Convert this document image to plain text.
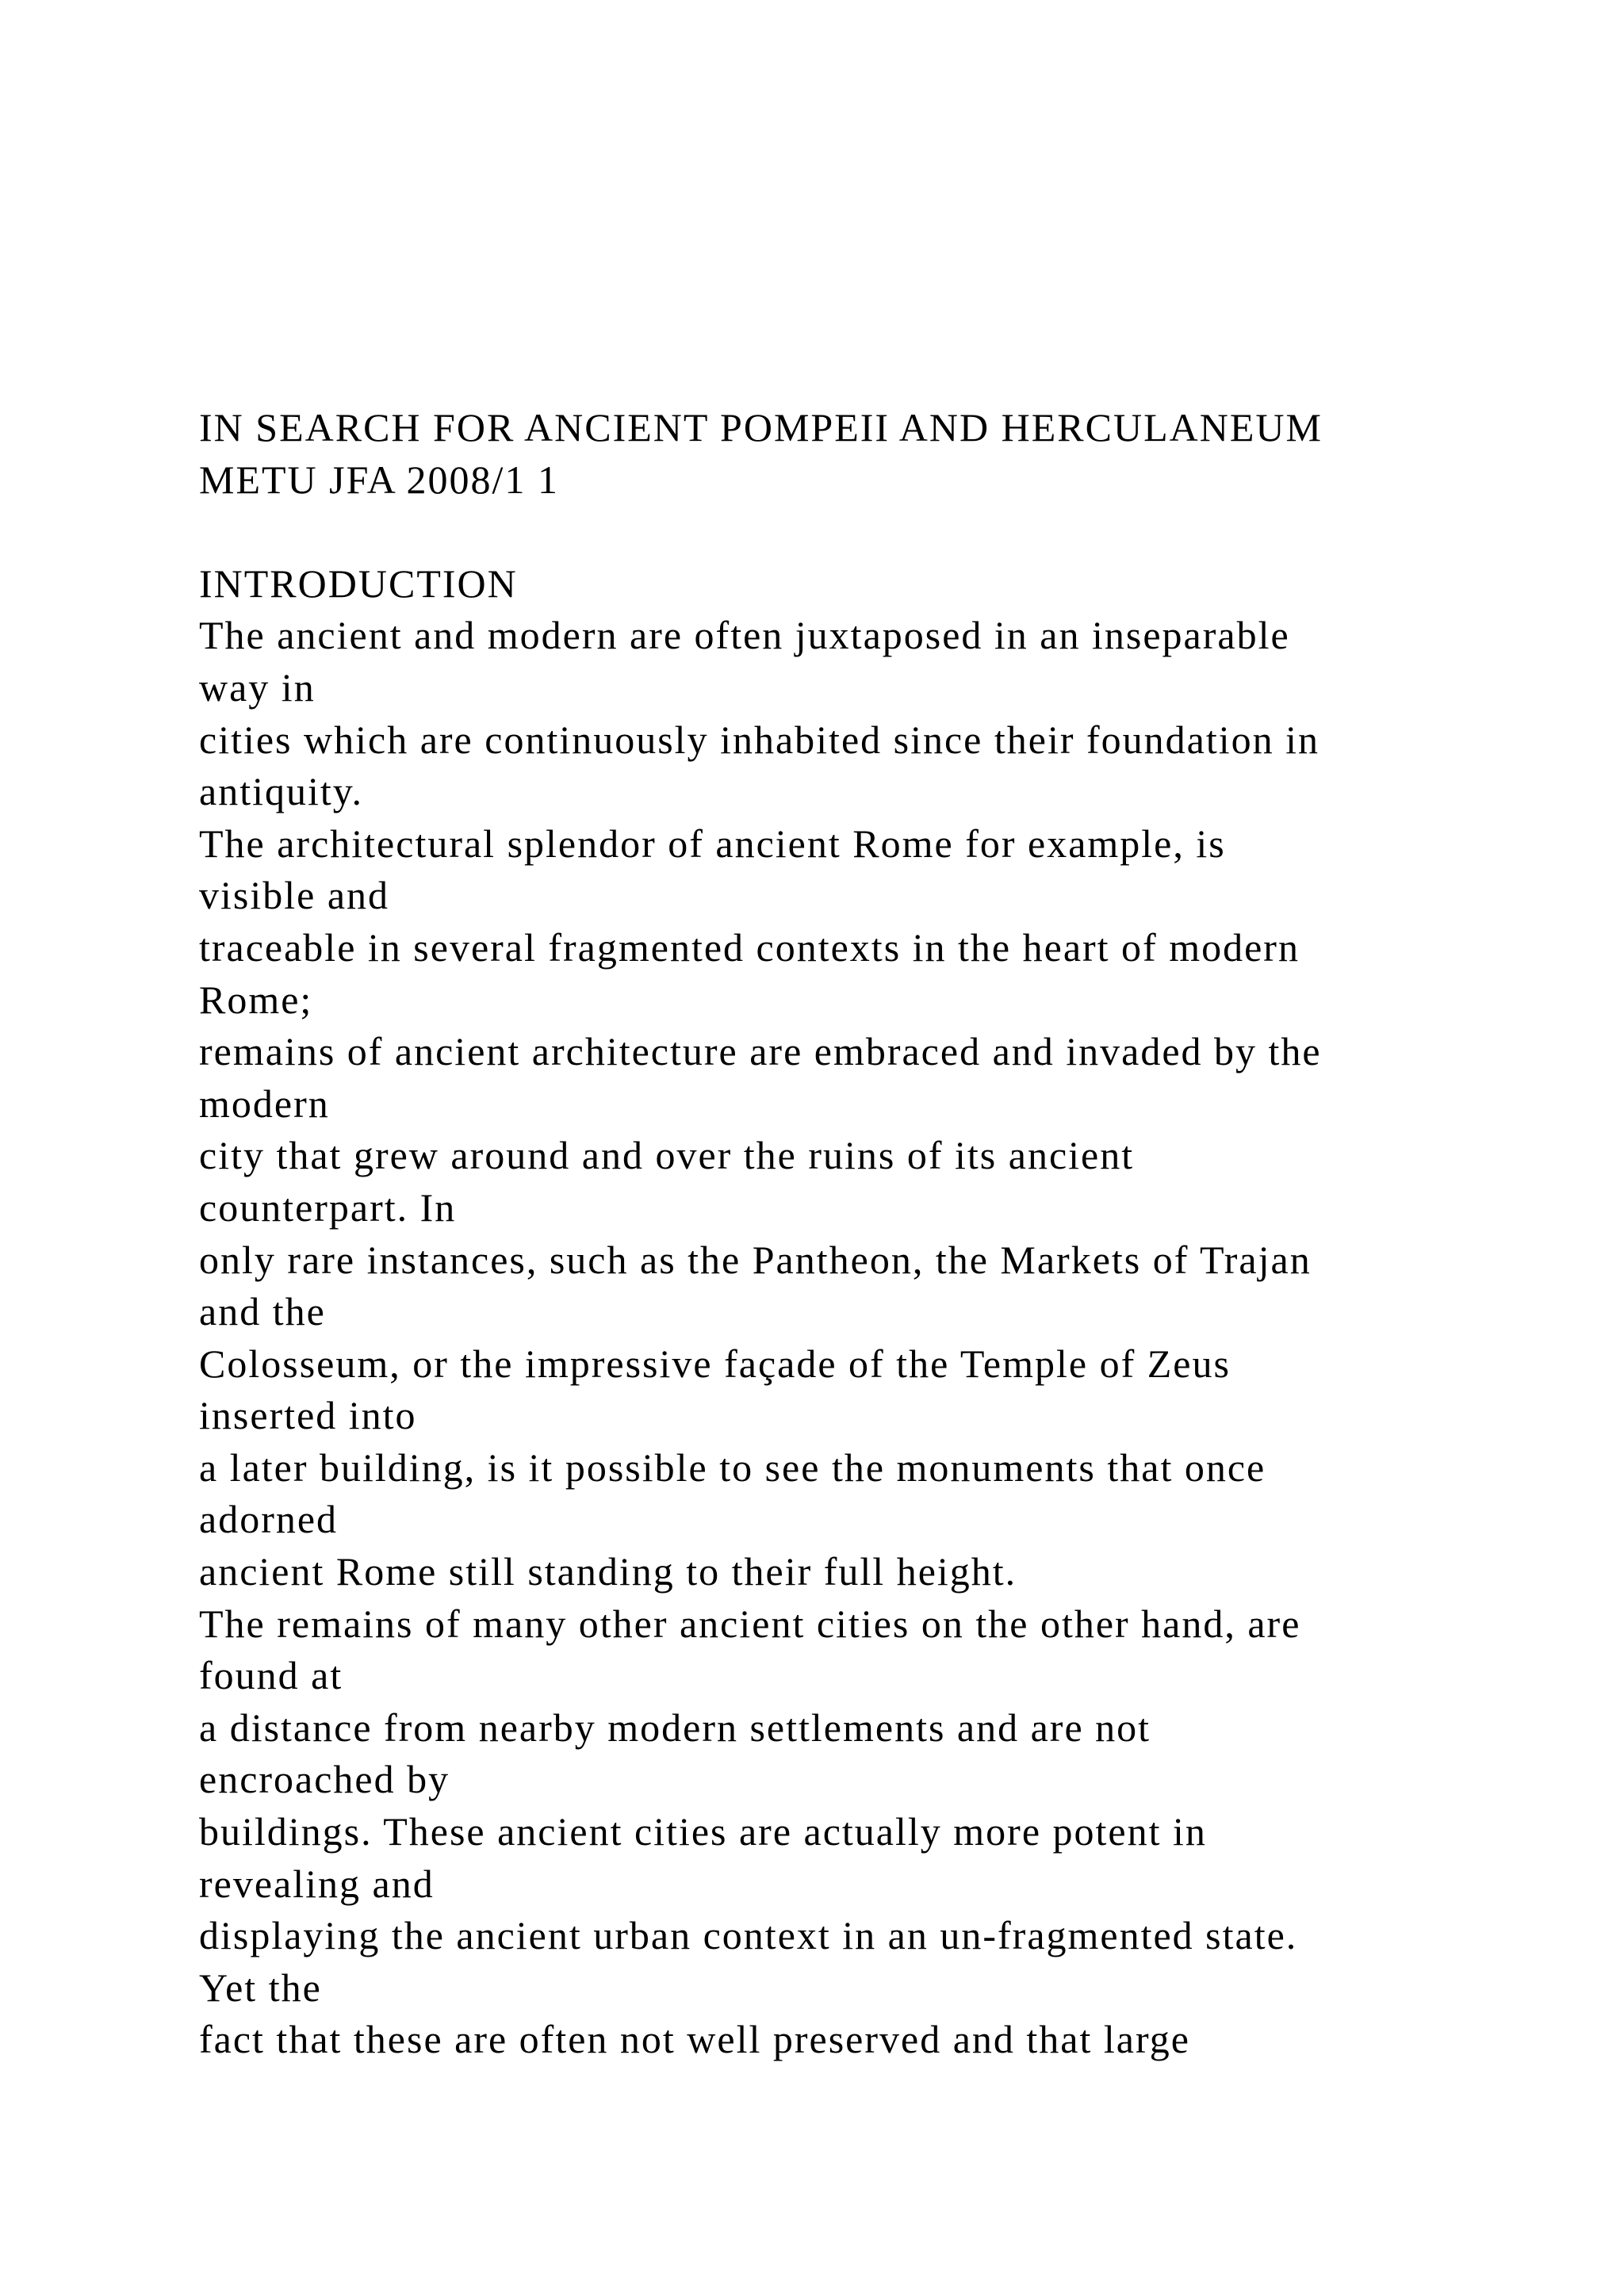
IN SEARCH FOR ANCIENT POMPEII AND HERCULANEUM
METU JFA 2008/1 1
INTRODUCTION
The ancient and modern are often juxtaposed in an inseparable
way in
cities which are continuously inhabited since their foundation in
antiquity.
The architectural splendor of ancient Rome for example, is
visible and
traceable in several fragmented contexts in the heart of modern
Rome;
remains of ancient architecture are embraced and invaded by the
modern
city that grew around and over the ruins of its ancient
counterpart. In
only rare instances, such as the Pantheon, the Markets of Trajan
and the
Colosseum, or the impressive façade of the Temple of Zeus
inserted into
a later building, is it possible to see the monuments that once
adorned
ancient Rome still standing to their full height.
The remains of many other ancient cities on the other hand, are
found at
a distance from nearby modern settlements and are not
encroached by
buildings. These ancient cities are actually more potent in
revealing and
displaying the ancient urban context in an un-fragmented state.
Yet the
fact that these are often not well preserved and that large
